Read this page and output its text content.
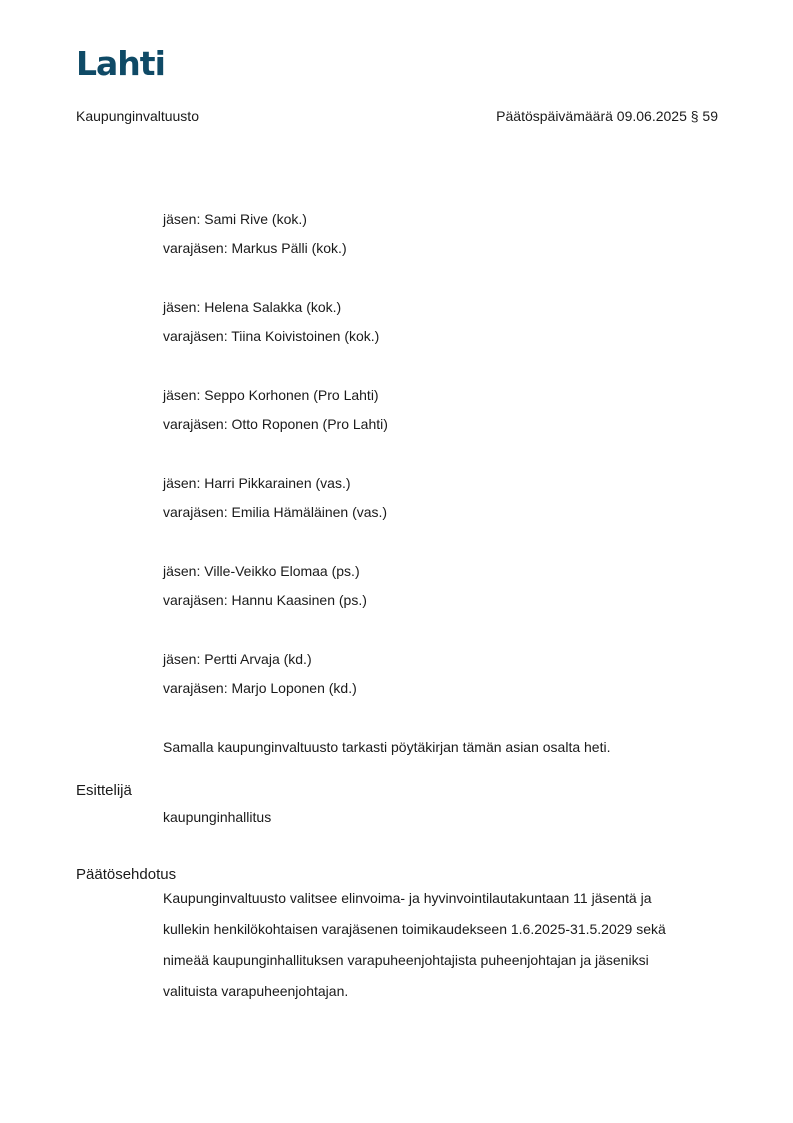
Lahti
Kaupunginvaltuusto	Päätöspäivämäärä 09.06.2025 § 59
jäsen: Sami Rive (kok.)
varajäsen: Markus Pälli (kok.)
jäsen: Helena Salakka (kok.)
varajäsen: Tiina Koivistoinen (kok.)
jäsen: Seppo Korhonen (Pro Lahti)
varajäsen: Otto Roponen (Pro Lahti)
jäsen: Harri Pikkarainen (vas.)
varajäsen: Emilia Hämäläinen (vas.)
jäsen: Ville-Veikko Elomaa (ps.)
varajäsen: Hannu Kaasinen (ps.)
jäsen: Pertti Arvaja (kd.)
varajäsen: Marjo Loponen (kd.)
Samalla kaupunginvaltuusto tarkasti pöytäkirjan tämän asian osalta heti.
Esittelijä
kaupunginhallitus
Päätösehdotus
Kaupunginvaltuusto valitsee elinvoima- ja hyvinvointilautakuntaan 11 jäsentä ja
kullekin henkilökohtaisen varajäsenen toimikaudekseen 1.6.2025-31.5.2029 sekä
nimeää kaupunginhallituksen varapuheenjohtajista puheenjohtajan ja jäseniksi
valituista varapuheenjohtajan.
